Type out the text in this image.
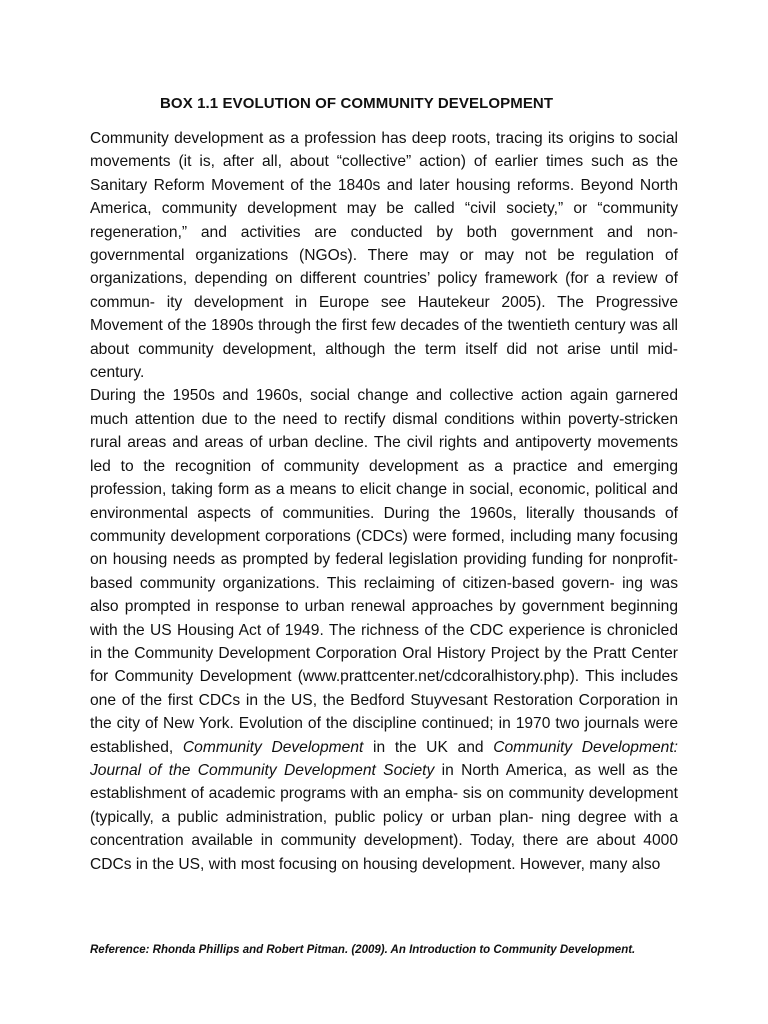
BOX 1.1 EVOLUTION OF COMMUNITY DEVELOPMENT

Community development as a profession has deep roots, tracing its origins to social movements (it is, after all, about “collective” action) of earlier times such as the Sanitary Reform Movement of the 1840s and later housing reforms. Beyond North America, community development may be called “civil society,” or “community regeneration,” and activities are conducted by both government and non-governmental organizations (NGOs). There may or may not be regulation of organizations, depending on different countries’ policy framework (for a review of commun- ity development in Europe see Hautekeur 2005). The Progressive Movement of the 1890s through the first few decades of the twentieth century was all about community development, although the term itself did not arise until mid-century.

During the 1950s and 1960s, social change and collective action again garnered much attention due to the need to rectify dismal conditions within poverty-stricken rural areas and areas of urban decline. The civil rights and antipoverty movements led to the recognition of community development as a practice and emerging profession, taking form as a means to elicit change in social, economic, political and environmental aspects of communities. During the 1960s, literally thousands of community development corporations (CDCs) were formed, including many focusing on housing needs as prompted by federal legislation providing funding for nonprofit-based community organizations. This reclaiming of citizen-based govern- ing was also prompted in response to urban renewal approaches by government beginning with the US Housing Act of 1949. The richness of the CDC experience is chronicled in the Community Development Corporation Oral History Project by the Pratt Center for Community Development (www.prattcenter.net/cdcoralhistory.php). This includes one of the first CDCs in the US, the Bedford Stuyvesant Restoration Corporation in the city of New York. Evolution of the discipline continued; in 1970 two journals were established, Community Development in the UK and Community Development: Journal of the Community Development Society in North America, as well as the establishment of academic programs with an empha- sis on community development (typically, a public administration, public policy or urban plan- ning degree with a concentration available in community development). Today, there are about 4000 CDCs in the US, with most focusing on housing development. However, many also

Reference: Rhonda Phillips and Robert Pitman. (2009). An Introduction to Community Development.
